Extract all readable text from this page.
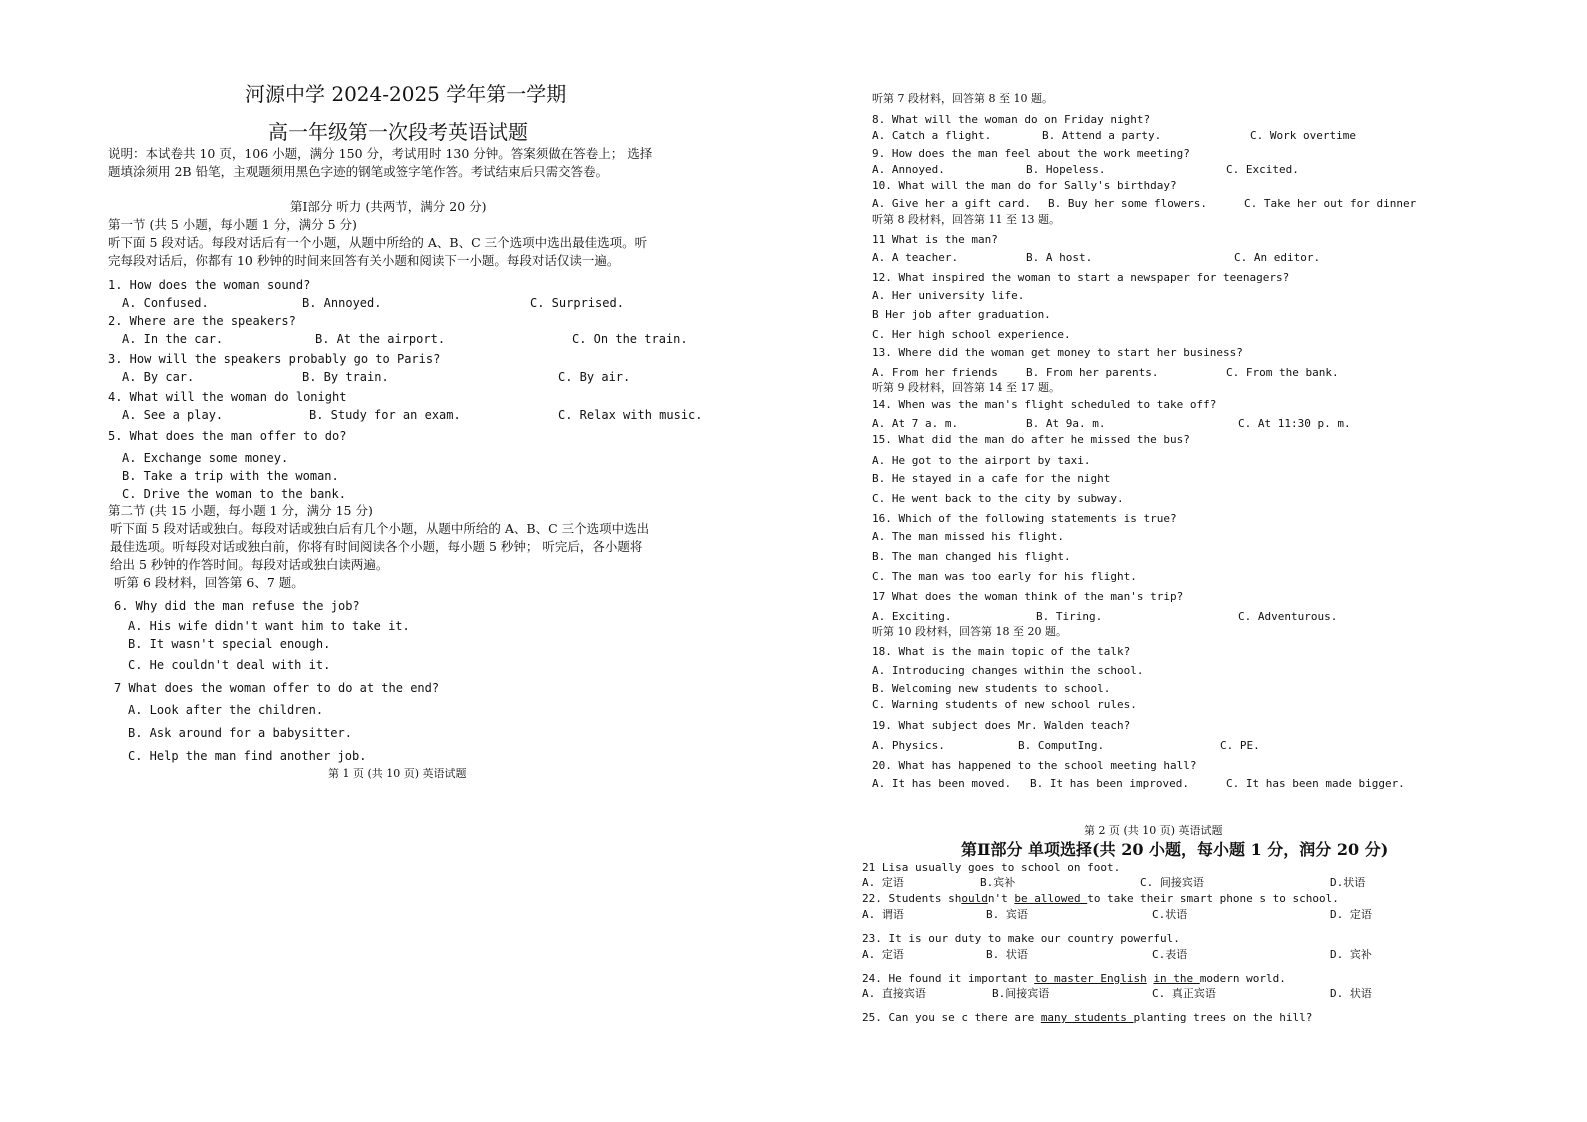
河源中学 2024-2025 学年第一学期
高一年级第一次段考英语试题
说明：本试卷共 10 页，106 小题，满分 150 分，考试用时 130 分钟。答案须做在答卷上； 选择
题填涂须用 2B 铅笔，主观题须用黑色字迹的钢笔或签字笔作答。考试结束后只需交答卷。
第Ⅰ部分 听力 (共两节，满分 20 分)
第一节 (共 5 小题，每小题 1 分，满分 5 分)
听下面 5 段对话。每段对话后有一个小题，从题中所给的 A、B、C 三个选项中选出最佳选项。听
完每段对话后，你都有 10 秒钟的时间来回答有关小题和阅读下一小题。每段对话仅读一遍。
1. How does the woman sound?
A. Confused.	B. Annoyed.	C. Surprised.
2. Where are the speakers?
A. In the car.	B. At the airport.	C. On the train.
3. How will the speakers probably go to Paris?
A. By car.	B. By train.	C. By air.
4. What will the woman do lonight
A. See a play.	B. Study for an exam.	C. Relax with music.
5. What does the man offer to do?
A. Exchange some money.
B. Take a trip with the woman.
C. Drive the woman to the bank.
第二节 (共 15 小题，每小题 1 分，满分 15 分)
听下面 5 段对话或独白。每段对话或独白后有几个小题，从题中所给的 A、B、C 三个选项中选出
最佳选项。听每段对话或独白前，你将有时间阅读各个小题，每小题 5 秒钟； 听完后，各小题将
给出 5 秒钟的作答时间。每段对话或独白读两遍。
听第 6 段材料，回答第 6、7 题。
6. Why did the man refuse the job?
A. His wife didn't want him to take it.
B. It wasn't special enough.
C. He couldn't deal with it.
7 What does the woman offer to do at the end?
A. Look after the children.
B. Ask around for a babysitter.
C. Help the man find another job.
第 1 页 (共 10 页) 英语试题
听第 7 段材料，回答第 8 至 10 题。
8. What will the woman do on Friday night?
A. Catch a flight.	B. Attend a party.	C. Work overtime
9. How does the man feel about the work meeting?
A. Annoyed.	B. Hopeless.	C. Excited.
10. What will the man do for Sally's birthday?
A. Give her a gift card. B. Buy her some flowers.	C. Take her out for dinner
听第 8 段材料，回答第 11 至 13 题。
11 What is the man?
A. A teacher.	B. A host.	C. An editor.
12. What inspired the woman to start a newspaper for teenagers?
A. Her university life.
B Her job after graduation.
C. Her high school experience.
13. Where did the woman get money to start her business?
A. From her friends	B. From her parents.	C. From the bank.
听第 9 段材料，回答第 14 至 17 题。
14. When was the man's flight scheduled to take off?
A. At 7 a. m.	B. At 9a. m.	C. At 11:30 p. m.
15. What did the man do after he missed the bus?
A. He got to the airport by taxi.
B. He stayed in a cafe for the night
C. He went back to the city by subway.
16. Which of the following statements is true?
A. The man missed his flight.
B. The man changed his flight.
C. The man was too early for his flight.
17 What does the woman think of the man's trip?
A. Exciting.	B. Tiring.	C. Adventurous.
听第 10 段材料，回答第 18 至 20 题。
18. What is the main topic of the talk?
A. Introducing changes within the school.
B. Welcoming new students to school.
C. Warning students of new school rules.
19. What subject does Mr. Walden teach?
A. Physics.	B. ComputIng.	C. PE.
20. What has happened to the school meeting hall?
A. It has been moved. B. It has been improved.	C. It has been made bigger.
第 2 页 (共 10 页) 英语试题
第Ⅱ部分 单项选择(共 20 小题，每小题 1 分，润分 20 分)
21 Lisa usually goes to school on foot.
A. 定语	B.宾补	C. 间接宾语	D.状语
22. Students shouldn't be allowed to take their smart phone s to school.
A. 谓语	B. 宾语	C.状语	D. 定语
23. It is our duty to make our country powerful.
A. 定语	B. 状语	C.表语	D. 宾补
24. He found it important to master English in the modern world.
A. 直接宾语	B.间接宾语	C. 真正宾语	D. 状语
25. Can you se c there are many students planting trees on the hill?
